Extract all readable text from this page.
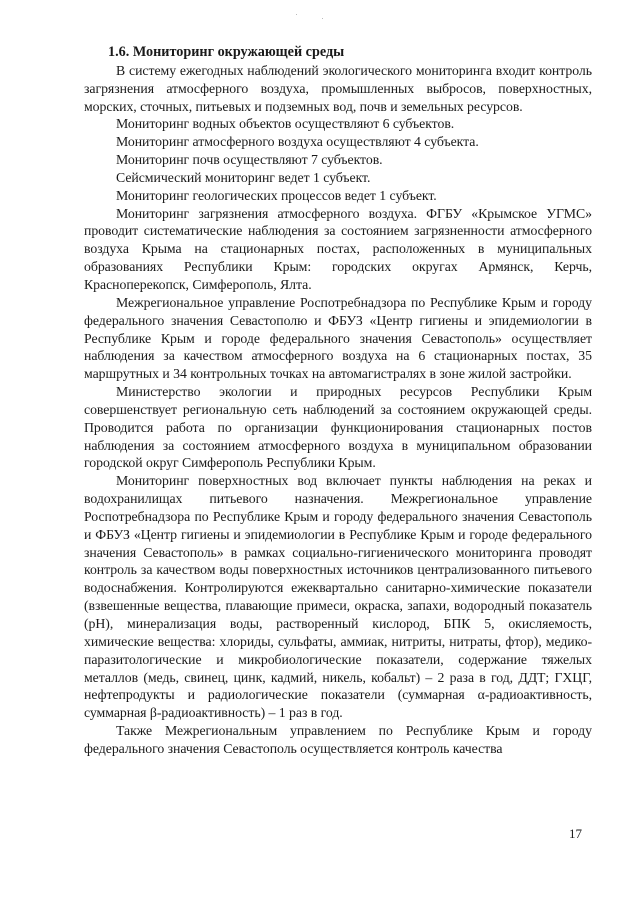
1.6. Мониторинг окружающей среды

В систему ежегодных наблюдений экологического мониторинга входит контроль загрязнения атмосферного воздуха, промышленных выбросов, поверхностных, морских, сточных, питьевых и подземных вод, почв и земельных ресурсов.

Мониторинг водных объектов осуществляют 6 субъектов.

Мониторинг атмосферного воздуха осуществляют 4 субъекта.

Мониторинг почв осуществляют 7 субъектов.

Сейсмический мониторинг ведет 1 субъект.

Мониторинг геологических процессов ведет 1 субъект.

Мониторинг загрязнения атмосферного воздуха. ФГБУ «Крымское УГМС» проводит систематические наблюдения за состоянием загрязненности атмосферного воздуха Крыма на стационарных постах, расположенных в муниципальных образованиях Республики Крым: городских округах Армянск, Керчь, Красноперекопск, Симферополь, Ялта.

Межрегиональное управление Роспотребнадзора по Республике Крым и городу федерального значения Севастополю и ФБУЗ «Центр гигиены и эпидемиологии в Республике Крым и городе федерального значения Севастополь» осуществляет наблюдения за качеством атмосферного воздуха на 6 стационарных постах, 35 маршрутных и 34 контрольных точках на автомагистралях в зоне жилой застройки.

Министерство экологии и природных ресурсов Республики Крым совершенствует региональную сеть наблюдений за состоянием окружающей среды. Проводится работа по организации функционирования стационарных постов наблюдения за состоянием атмосферного воздуха в муниципальном образовании городской округ Симферополь Республики Крым.

Мониторинг поверхностных вод включает пункты наблюдения на реках и водохранилищах питьевого назначения. Межрегиональное управление Роспотребнадзора по Республике Крым и городу федерального значения Севастополь и ФБУЗ «Центр гигиены и эпидемиологии в Республике Крым и городе федерального значения Севастополь» в рамках социально-гигиенического мониторинга проводят контроль за качеством воды поверхностных источников централизованного питьевого водоснабжения. Контролируются ежеквартально санитарно-химические показатели (взвешенные вещества, плавающие примеси, окраска, запахи, водородный показатель (рН), минерализация воды, растворенный кислород, БПК 5, окисляемость, химические вещества: хлориды, сульфаты, аммиак, нитриты, нитраты, фтор), медико-паразитологические и микробиологические показатели, содержание тяжелых металлов (медь, свинец, цинк, кадмий, никель, кобальт) – 2 раза в год, ДДТ; ГХЦГ, нефтепродукты и радиологические показатели (суммарная α-радиоактивность, суммарная β-радиоактивность) – 1 раз в год.

Также Межрегиональным управлением по Республике Крым и городу федерального значения Севастополь осуществляется контроль качества

17
